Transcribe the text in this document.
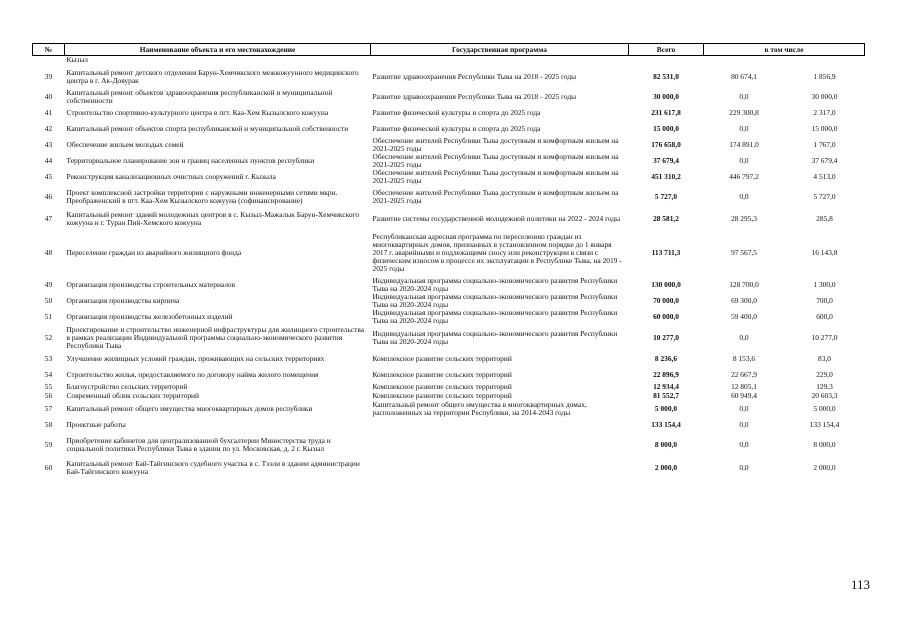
№	Наименование объекта и его местонахождение	Государственная программа	Всего	в том числе	
	Кызыл				
39	Капитальный ремонт детского отделения Барун-Хемчикского межкожуунного медицинского центра в г. Ак-Довурак	Развитие здравоохранения Республики Тыва на 2018 - 2025 годы	82 531,0	80 674,1	1 856,9
40	Капитальный ремонт объектов здравоохранения республиканской и муниципальной собственности	Развитие здравоохранения Республики Тыва на 2018 - 2025 годы	30 000,0	0,0	30 000,0
41	Строительство спортивно-культурного центра в пгт. Каа-Хем Кызылского кожууна	Развитие физической культуры и спорта до 2025 года	231 617,8	229 300,8	2 317,0
42	Капитальный ремонт объектов спорта республиканской и муниципальной собственности	Развитие физической культуры и спорта до 2025 года	15 000,0	0,0	15 000,0
43	Обеспечение жильем молодых семей	Обеспечение жителей Республики Тыва доступным и комфортным жильем на 2021-2025 годы	176 658,0	174 891,0	1 767,0
44	Территориальное планирование зон и границ населенных пунктов республики	Обеспечение жителей Республики Тыва доступным и комфортным жильем на 2021-2025 годы	37 679,4	0,0	37 679,4
45	Реконструкция канализационных очистных сооружений г. Кызыла	Обеспечение жителей Республики Тыва доступным и комфортным жильем на 2021-2025 годы	451 310,2	446 797,2	4 513,0
46	Проект комплексной застройки территории с наружными инженерными сетями мкрн. Преображенский в пгт. Каа-Хем Кызылского кожууна (софинансирование)	Обеспечение жителей Республики Тыва доступным и комфортным жильем на 2021-2025 годы	5 727,0	0,0	5 727,0
47	Капитальный ремонт зданий молодежных центров в с. Кызыл-Мажалык Барун-Хемчикского кожууна и г. Туран Пий-Хемского кожууна	Развитие системы государственной молодежной политики на 2022 - 2024 годы	28 581,2	28 295,3	285,8
48	Переселение граждан из аварийного жилищного фонда	Республиканская адресная программа по переселению граждан из многоквартирных домов, признанных в установленном порядке до 1 января 2017 г. аварийными и подлежащими сносу или реконструкции в связи с физическим износом в процессе их эксплуатации в Республике Тыва, на 2019 - 2025 годы	113 711,3	97 567,5	16 143,8
49	Организация производства строительных материалов	Индивидуальная программа социально-экономического развития Республики Тыва на 2020-2024 годы	130 000,0	128 700,0	1 300,0
50	Организация производства кирпича	Индивидуальная программа социально-экономического развития Республики Тыва на 2020-2024 годы	70 000,0	69 300,0	700,0
51	Организация производства железобетонных изделий	Индивидуальная программа социально-экономического развития Республики Тыва на 2020-2024 годы	60 000,0	59 400,0	600,0
52	Проектирование и строительство инженерной инфраструктуры для жилищного строительства в рамках реализации Индивидуальной программы социально-экономического развития Республики Тыва	Индивидуальная программа социально-экономического развития Республики Тыва на 2020-2024 годы	10 277,0	0,0	10 277,0
53	Улучшение жилищных условий граждан, проживающих на сельских территориях	Комплексное развитие сельских территорий	8 236,6	8 153,6	83,0
54	Строительство жилья, предоставляемого по договору найма жилого помещения	Комплексное развитие сельских территорий	22 896,9	22 667,9	229,0
55	Благоустройство сельских территорий	Комплексное развитие сельских территорий	12 934,4	12 805,1	129,3
56	Современный облик сельских территорий	Комплексное развитие сельских территорий	81 552,7	60 949,4	20 603,3
57	Капитальный ремонт общего имущества многоквартирных домов республики	Капитальный ремонт общего имущества в многоквартирных домах, расположенных на территории Республики, на 2014-2043 годы	5 000,0	0,0	5 000,0
58	Проектные работы		133 154,4	0,0	133 154,4
59	Приобретение кабинетов для централизованной бухгалтерии Министерства труда и социальной политики Республики Тыва в здании по ул. Московская, д. 2 г. Кызыл		8 000,0	0,0	8 000,0
60	Капитальный ремонт Бай-Тайгинского судебного участка в с. Тээли в здании администрации Бай-Тайгинского кожууна		2 000,0	0,0	2 000,0
113
